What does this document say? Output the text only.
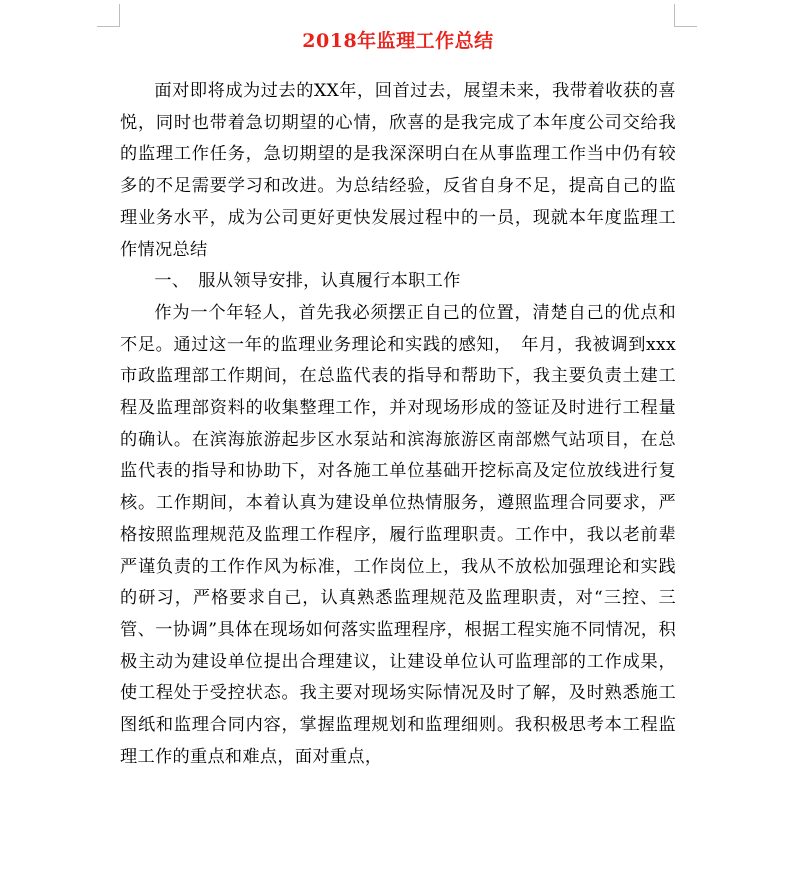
2018年监理工作总结

面对即将成为过去的XX年，回首过去，展望未来，我带着收获的喜悦，同时也带着急切期望的心情，欣喜的是我完成了本年度公司交给我的监理工作任务，急切期望的是我深深明白在从事监理工作当中仍有较多的不足需要学习和改进。为总结经验，反省自身不足，提高自己的监理业务水平，成为公司更好更快发展过程中的一员，现就本年度监理工作情况总结

一、　服从领导安排，认真履行本职工作

作为一个年轻人，首先我必须摆正自己的位置，清楚自己的优点和不足。通过这一年的监理业务理论和实践的感知，　年月，我被调到xxx市政监理部工作期间，在总监代表的指导和帮助下，我主要负责土建工程及监理部资料的收集整理工作，并对现场形成的签证及时进行工程量的确认。在滨海旅游起步区水泵站和滨海旅游区南部燃气站项目，在总监代表的指导和协助下，对各施工单位基础开挖标高及定位放线进行复核。工作期间，本着认真为建设单位热情服务，遵照监理合同要求，严格按照监理规范及监理工作程序，履行监理职责。工作中，我以老前辈严谨负责的工作作风为标准，工作岗位上，我从不放松加强理论和实践的研习，严格要求自己，认真熟悉监理规范及监理职责，对“三控、三管、一协调”具体在现场如何落实监理程序，根据工程实施不同情况，积极主动为建设单位提出合理建议，让建设单位认可监理部的工作成果，使工程处于受控状态。我主要对现场实际情况及时了解，及时熟悉施工图纸和监理合同内容，掌握监理规划和监理细则。我积极思考本工程监理工作的重点和难点，面对重点，
